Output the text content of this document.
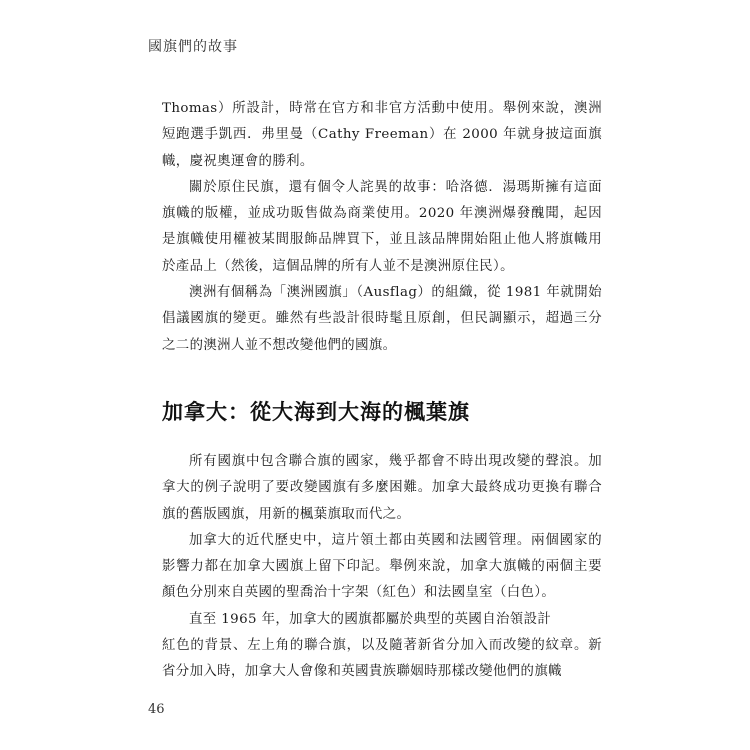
國旗們的故事

Thomas）所設計，時常在官方和非官方活動中使用。舉例來說，澳洲短跑選手凱西．弗里曼（Cathy Freeman）在 2000 年就身披這面旗幟，慶祝奧運會的勝利。

關於原住民旗，還有個令人詫異的故事：哈洛德．湯瑪斯擁有這面旗幟的版權，並成功販售做為商業使用。2020 年澳洲爆發醜聞，起因是旗幟使用權被某間服飾品牌買下，並且該品牌開始阻止他人將旗幟用於產品上（然後，這個品牌的所有人並不是澳洲原住民）。

澳洲有個稱為「澳洲國旗」（Ausflag）的組織，從 1981 年就開始倡議國旗的變更。雖然有些設計很時髦且原創，但民調顯示，超過三分之二的澳洲人並不想改變他們的國旗。

加拿大：從大海到大海的楓葉旗

所有國旗中包含聯合旗的國家，幾乎都會不時出現改變的聲浪。加拿大的例子說明了要改變國旗有多麼困難。加拿大最終成功更換有聯合旗的舊版國旗，用新的楓葉旗取而代之。

加拿大的近代歷史中，這片領土都由英國和法國管理。兩個國家的影響力都在加拿大國旗上留下印記。舉例來說，加拿大旗幟的兩個主要顏色分別來自英國的聖喬治十字架（紅色）和法國皇室（白色）。

直至 1965 年，加拿大的國旗都屬於典型的英國自治領設計

紅色的背景、左上角的聯合旗，以及隨著新省分加入而改變的紋章。新省分加入時，加拿大人會像和英國貴族聯姻時那樣改變他們的旗幟

46
